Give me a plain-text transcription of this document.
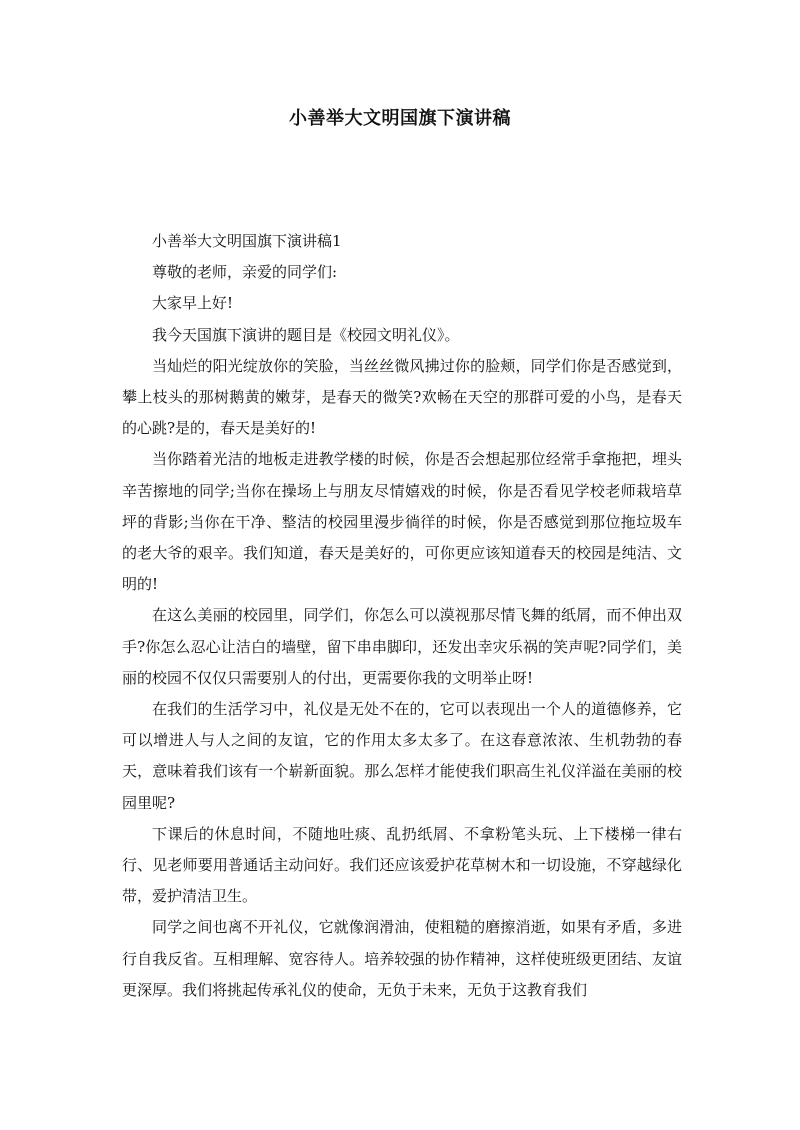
小善举大文明国旗下演讲稿

小善举大文明国旗下演讲稿1

尊敬的老师，亲爱的同学们:

大家早上好!

我今天国旗下演讲的题目是《校园文明礼仪》。

当灿烂的阳光绽放你的笑脸，当丝丝微风拂过你的脸颊，同学们你是否感觉到，攀上枝头的那树鹅黄的嫩芽，是春天的微笑?欢畅在天空的那群可爱的小鸟，是春天的心跳?是的，春天是美好的!

当你踏着光洁的地板走进教学楼的时候，你是否会想起那位经常手拿拖把，埋头辛苦擦地的同学;当你在操场上与朋友尽情嬉戏的时候，你是否看见学校老师栽培草坪的背影;当你在干净、整洁的校园里漫步徜徉的时候，你是否感觉到那位拖垃圾车的老大爷的艰辛。我们知道，春天是美好的，可你更应该知道春天的校园是纯洁、文明的!

在这么美丽的校园里，同学们，你怎么可以漠视那尽情飞舞的纸屑，而不伸出双手?你怎么忍心让洁白的墙壁，留下串串脚印，还发出幸灾乐祸的笑声呢?同学们，美丽的校园不仅仅只需要别人的付出，更需要你我的文明举止呀!

在我们的生活学习中，礼仪是无处不在的，它可以表现出一个人的道德修养，它可以增进人与人之间的友谊，它的作用太多太多了。在这春意浓浓、生机勃勃的春天，意味着我们该有一个崭新面貌。那么怎样才能使我们职高生礼仪洋溢在美丽的校园里呢?

下课后的休息时间，不随地吐痰、乱扔纸屑、不拿粉笔头玩、上下楼梯一律右行、见老师要用普通话主动问好。我们还应该爱护花草树木和一切设施，不穿越绿化带，爱护清洁卫生。

同学之间也离不开礼仪，它就像润滑油，使粗糙的磨擦消逝，如果有矛盾，多进行自我反省。互相理解、宽容待人。培养较强的协作精神，这样使班级更团结、友谊更深厚。我们将挑起传承礼仪的使命，无负于未来，无负于这教育我们
